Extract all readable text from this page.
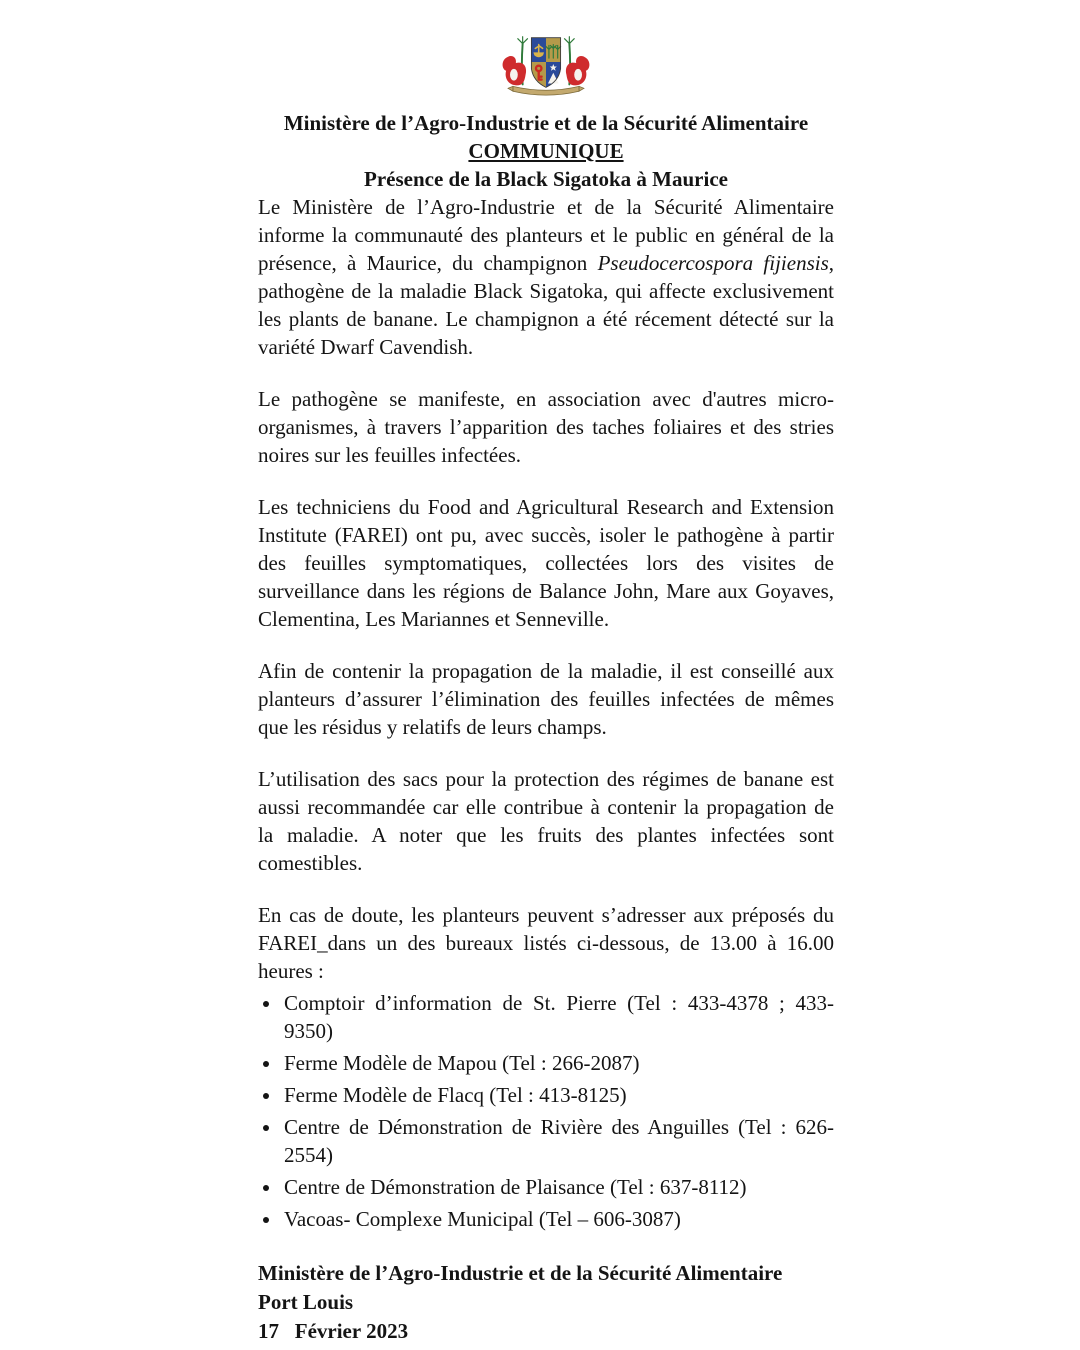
Ministère de l’Agro-Industrie et de la Sécurité Alimentaire
COMMUNIQUE
Présence de la Black Sigatoka à Maurice

Le Ministère de l’Agro-Industrie et de la Sécurité Alimentaire informe la communauté des planteurs et le public en général de la présence, à Maurice, du champignon Pseudocercospora fijiensis, pathogène de la maladie Black Sigatoka, qui affecte exclusivement les plants de banane. Le champignon a été récement détecté sur la variété Dwarf Cavendish.

Le pathogène se manifeste, en association avec d'autres micro-organismes, à travers l’apparition des taches foliaires et des stries noires sur les feuilles infectées.

Les techniciens du Food and Agricultural Research and Extension Institute (FAREI) ont pu, avec succès, isoler le pathogène à partir des feuilles symptomatiques, collectées lors des visites de surveillance dans les régions de Balance John, Mare aux Goyaves, Clementina, Les Mariannes et Senneville.

Afin de contenir la propagation de la maladie, il est conseillé aux planteurs d’assurer l’élimination des feuilles infectées de mêmes que les résidus y relatifs de leurs champs.

L’utilisation des sacs pour la protection des régimes de banane est aussi recommandée car elle contribue à contenir la propagation de la maladie. A noter que les fruits des plantes infectées sont comestibles.

En cas de doute, les planteurs peuvent s’adresser aux préposés du FAREI_dans un des bureaux listés ci-dessous, de 13.00 à 16.00 heures :

• Comptoir d’information de St. Pierre (Tel : 433-4378 ; 433-9350)
• Ferme Modèle de Mapou (Tel : 266-2087)
• Ferme Modèle de Flacq (Tel : 413-8125)
• Centre de Démonstration de Rivière des Anguilles (Tel : 626-2554)
• Centre de Démonstration de Plaisance (Tel : 637-8112)
• Vacoas- Complexe Municipal (Tel – 606-3087)
Ministère de l’Agro-Industrie et de la Sécurité Alimentaire
Port Louis
17   Février 2023
